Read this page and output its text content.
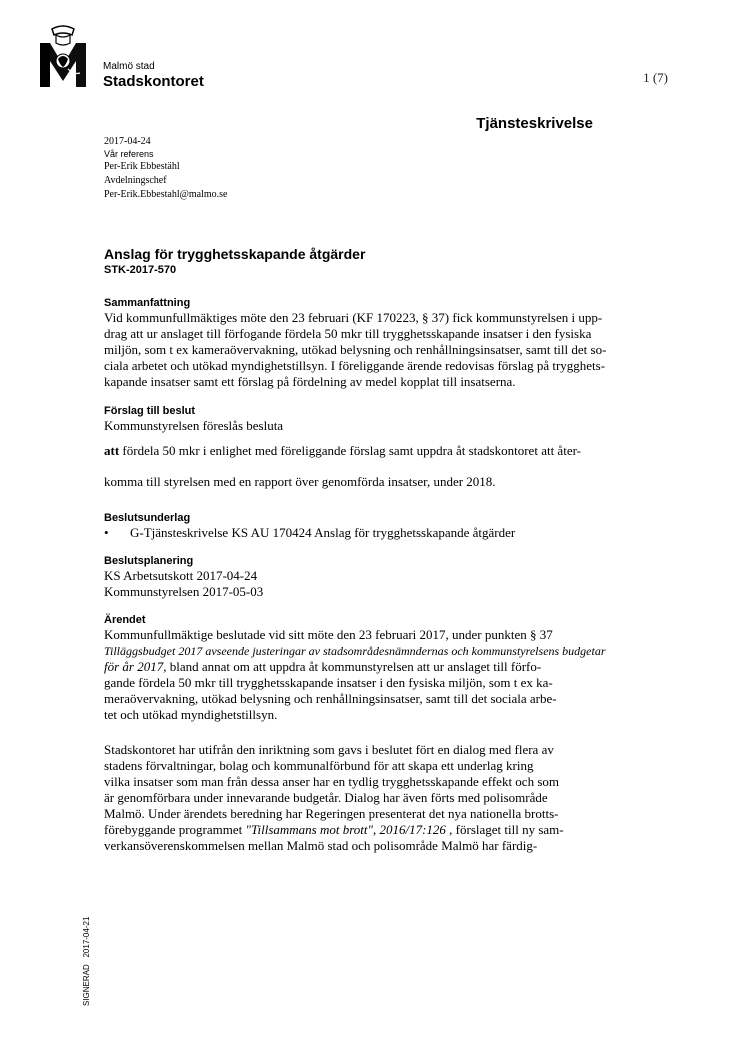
Malmö stad
Stadskontoret	1 (7)
Tjänsteskrivelse
2017-04-24
Vår referens
Per-Erik Ebbestähl
Avdelningschef
Per-Erik.Ebbestahl@malmo.se
Anslag för trygghetsskapande åtgärder
STK-2017-570
Sammanfattning

Vid kommunfullmäktiges möte den 23 februari (KF 170223, § 37) fick kommunstyrelsen i upp-

drag att ur anslaget till förfogande fördela 50 mkr till trygghetsskapande insatser i den fysiska

miljön, som t ex kameraövervakning, utökad belysning och renhållningsinsatser, samt till det so-

ciala arbetet och utökad myndighetstillsyn. I föreliggande ärende redovisas förslag på trygghets-

kapande insatser samt ett förslag på fördelning av medel kopplat till insatserna.

Förslag till beslut

Kommunstyrelsen föreslås besluta

att fördela 50 mkr i enlighet med föreliggande förslag samt uppdra åt stadskontoret att åter-

komma till styrelsen med en rapport över genomförda insatser, under 2018.

Beslutsunderlag
•	G-Tjänsteskrivelse KS AU 170424 Anslag för trygghetsskapande åtgärder
Beslutsplanering

KS Arbetsutskott 2017-04-24

Kommunstyrelsen 2017-05-03

Ärendet

Kommunfullmäktige beslutade vid sitt möte den 23 februari 2017, under punkten § 37

Tilläggsbudget 2017 avseende justeringar av stadsområdesnämndernas och kommunstyrelsens budgetar

för år 2017, bland annat om att uppdra åt kommunstyrelsen att ur anslaget till förfo-

gande fördela 50 mkr till trygghetsskapande insatser i den fysiska miljön, som t ex ka-

meraövervakning, utökad belysning och renhållningsinsatser, samt till det sociala arbe-

tet och utökad myndighetstillsyn.

Stadskontoret har utifrån den inriktning som gavs i beslutet fört en dialog med flera av

stadens förvaltningar, bolag och kommunalförbund för att skapa ett underlag kring

vilka insatser som man från dessa anser har en tydlig trygghetsskapande effekt och som

är genomförbara under innevarande budgetår. Dialog har även förts med polisområde

Malmö. Under ärendets beredning har Regeringen presenterat det nya nationella brotts-

förebyggande programmet "Tillsammans mot brott", 2016/17:126 , förslaget till ny sam-

verkansöverenskommelsen mellan Malmö stad och polisområde Malmö har färdig-

SIGNERAD   2017-04-21
